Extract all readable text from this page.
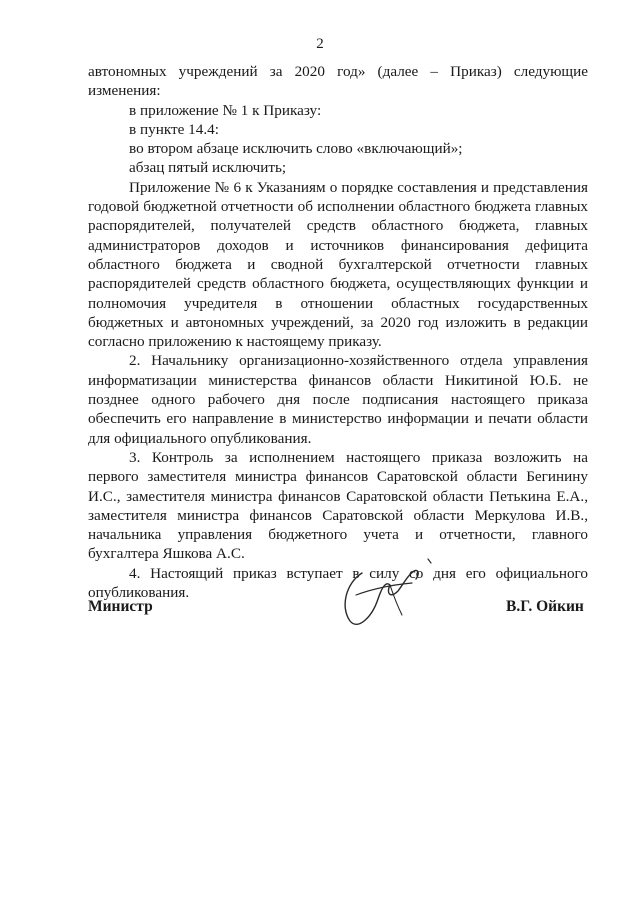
2

автономных учреждений за 2020 год» (далее – Приказ) следующие

изменения:

в приложение № 1 к Приказу:

в пункте 14.4:

во втором абзаце исключить слово «включающий»;

абзац пятый исключить;

Приложение № 6 к Указаниям о порядке составления и представления годовой бюджетной отчетности об исполнении областного бюджета главных распорядителей, получателей средств областного бюджета, главных администраторов доходов и источников финансирования дефицита областного бюджета и сводной бухгалтерской отчетности главных распорядителей средств областного бюджета, осуществляющих функции и полномочия учредителя в отношении областных государственных бюджетных и автономных учреждений, за 2020 год изложить в редакции согласно приложению к настоящему приказу.

2. Начальнику организационно-хозяйственного отдела управления информатизации министерства финансов области Никитиной Ю.Б. не позднее одного рабочего дня после подписания настоящего приказа обеспечить его направление в министерство информации и печати области для официального опубликования.

3. Контроль за исполнением настоящего приказа возложить на первого заместителя министра финансов Саратовской области Бегинину И.С., заместителя министра финансов Саратовской области Петькина Е.А., заместителя министра финансов Саратовской области Меркулова И.В., начальника управления бюджетного учета и отчетности, главного бухгалтера Яшкова А.С.

4. Настоящий приказ вступает в силу со дня его официального опубликования.

Министр	В.Г. Ойкин
